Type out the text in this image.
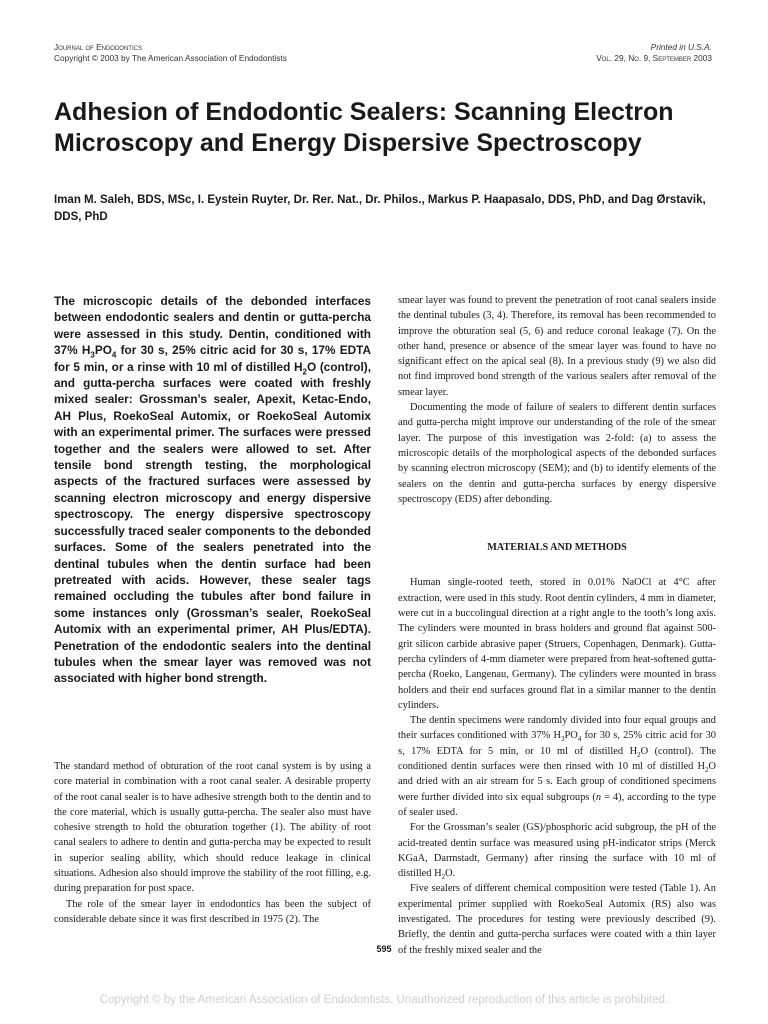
Journal of Endodontics
Copyright © 2003 by The American Association of Endodontists
Printed in U.S.A.
Vol. 29, No. 9, September 2003
Adhesion of Endodontic Sealers: Scanning Electron Microscopy and Energy Dispersive Spectroscopy

Iman M. Saleh, BDS, MSc, I. Eystein Ruyter, Dr. Rer. Nat., Dr. Philos., Markus P. Haapasalo, DDS, PhD, and Dag Ørstavik, DDS, PhD

The microscopic details of the debonded interfaces between endodontic sealers and dentin or gutta-percha were assessed in this study. Dentin, conditioned with 37% $H_3PO_4$ for 30 s, 25% citric acid for 30 s, 17% EDTA for 5 min, or a rinse with 10 ml of distilled $H_2O$ (control), and gutta-percha surfaces were coated with freshly mixed sealer: Grossman’s sealer, Apexit, Ketac-Endo, AH Plus, RoekoSeal Automix, or RoekoSeal Automix with an experimental primer. The surfaces were pressed together and the sealers were allowed to set. After tensile bond strength testing, the morphological aspects of the fractured surfaces were assessed by scanning electron microscopy and energy dispersive spectroscopy. The energy dispersive spectroscopy successfully traced sealer components to the debonded surfaces. Some of the sealers penetrated into the dentinal tubules when the dentin surface had been pretreated with acids. However, these sealer tags remained occluding the tubules after bond failure in some instances only (Grossman’s sealer, RoekoSeal Automix with an experimental primer, AH Plus/EDTA). Penetration of the endodontic sealers into the dentinal tubules when the smear layer was removed was not associated with higher bond strength.

The standard method of obturation of the root canal system is by using a core material in combination with a root canal sealer. A desirable property of the root canal sealer is to have adhesive strength both to the dentin and to the core material, which is usually gutta-percha. The sealer also must have cohesive strength to hold the obturation together (1). The ability of root canal sealers to adhere to dentin and gutta-percha may be expected to result in superior sealing ability, which should reduce leakage in clinical situations. Adhesion also should improve the stability of the root filling, e.g. during preparation for post space.

The role of the smear layer in endodontics has been the subject of considerable debate since it was first described in 1975 (2). The

smear layer was found to prevent the penetration of root canal sealers inside the dentinal tubules (3, 4). Therefore, its removal has been recommended to improve the obturation seal (5, 6) and reduce coronal leakage (7). On the other hand, presence or absence of the smear layer was found to have no significant effect on the apical seal (8). In a previous study (9) we also did not find improved bond strength of the various sealers after removal of the smear layer.

Documenting the mode of failure of sealers to different dentin surfaces and gutta-percha might improve our understanding of the role of the smear layer. The purpose of this investigation was 2-fold: (a) to assess the microscopic details of the morphological aspects of the debonded surfaces by scanning electron microscopy (SEM); and (b) to identify elements of the sealers on the dentin and gutta-percha surfaces by energy dispersive spectroscopy (EDS) after debonding.

MATERIALS AND METHODS

Human single-rooted teeth, stored in 0.01% NaOCl at 4°C after extraction, were used in this study. Root dentin cylinders, 4 mm in diameter, were cut in a buccolingual direction at a right angle to the tooth’s long axis. The cylinders were mounted in brass holders and ground flat against 500-grit silicon carbide abrasive paper (Struers, Copenhagen, Denmark). Gutta-percha cylinders of 4-mm diameter were prepared from heat-softened gutta-percha (Roeko, Langenau, Germany). The cylinders were mounted in brass holders and their end surfaces ground flat in a similar manner to the dentin cylinders.

The dentin specimens were randomly divided into four equal groups and their surfaces conditioned with 37% $H_3PO_4$ for 30 s, 25% citric acid for 30 s, 17% EDTA for 5 min, or 10 ml of distilled $H_2O$ (control). The conditioned dentin surfaces were then rinsed with 10 ml of distilled $H_2O$ and dried with an air stream for 5 s. Each group of conditioned specimens were further divided into six equal subgroups (n = 4), according to the type of sealer used.

For the Grossman’s sealer (GS)/phosphoric acid subgroup, the pH of the acid-treated dentin surface was measured using pH-indicator strips (Merck KGaA, Darmstadt, Germany) after rinsing the surface with 10 ml of distilled $H_2O$.

Five sealers of different chemical composition were tested (Table 1). An experimental primer supplied with RoekoSeal Automix (RS) also was investigated. The procedures for testing were previously described (9). Briefly, the dentin and gutta-percha surfaces were coated with a thin layer of the freshly mixed sealer and the

595
Copyright © by the American Association of Endodontists. Unauthorized reproduction of this article is prohibited.
